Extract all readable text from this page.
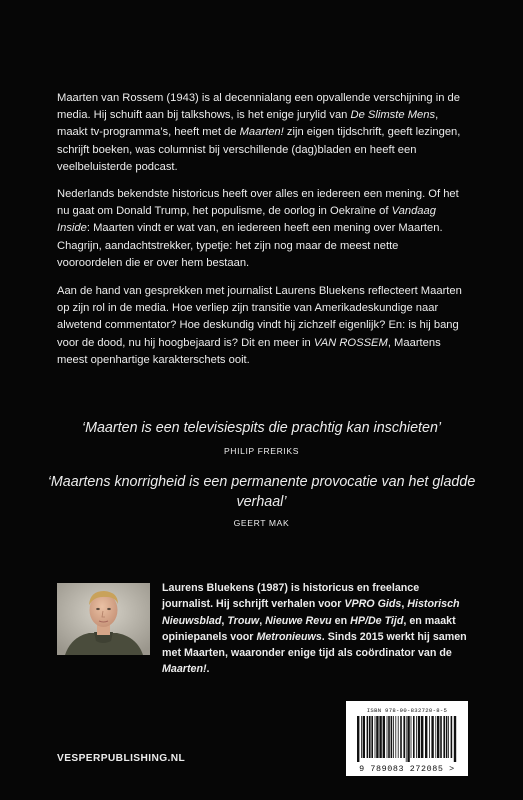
Maarten van Rossem (1943) is al decennialang een opvallende verschijning in de media. Hij schuift aan bij talkshows, is het enige jurylid van De Slimste Mens, maakt tv-programma’s, heeft met de Maarten! zijn eigen tijdschrift, geeft lezingen, schrijft boeken, was columnist bij verschillende (dag)bladen en heeft een veelbeluisterde podcast.

Nederlands bekendste historicus heeft over alles en iedereen een mening. Of het nu gaat om Donald Trump, het populisme, de oorlog in Oekraïne of Vandaag Inside: Maarten vindt er wat van, en iedereen heeft een mening over Maarten. Chagrijn, aandachtstrekker, typetje: het zijn nog maar de meest nette vooroordelen die er over hem bestaan.

Aan de hand van gesprekken met journalist Laurens Bluekens reflecteert Maarten op zijn rol in de media. Hoe verliep zijn transitie van Amerikadeskundige naar alwetend commentator? Hoe deskundig vindt hij zichzelf eigenlijk? En: is hij bang voor de dood, nu hij hoogbejaard is? Dit en meer in VAN ROSSEM, Maartens meest openhartige karakterschets ooit.

‘Maarten is een televisiespits die prachtig kan inschieten’

PHILIP FRERIKS

‘Maartens knorrigheid is een permanente provocatie van het gladde verhaal’

GEERT MAK

Laurens Bluekens (1987) is historicus en freelance journalist. Hij schrijft verhalen voor VPRO Gids, Historisch Nieuwsblad, Trouw, Nieuwe Revu en HP/De Tijd, en maakt opiniepanels voor Metronieuws. Sinds 2015 werkt hij samen met Maarten, waaronder enige tijd als coördinator van de Maarten!.

VESPERPUBLISHING.NL
ISBN 978-90-832720-8-5
9 789083 272085 >
